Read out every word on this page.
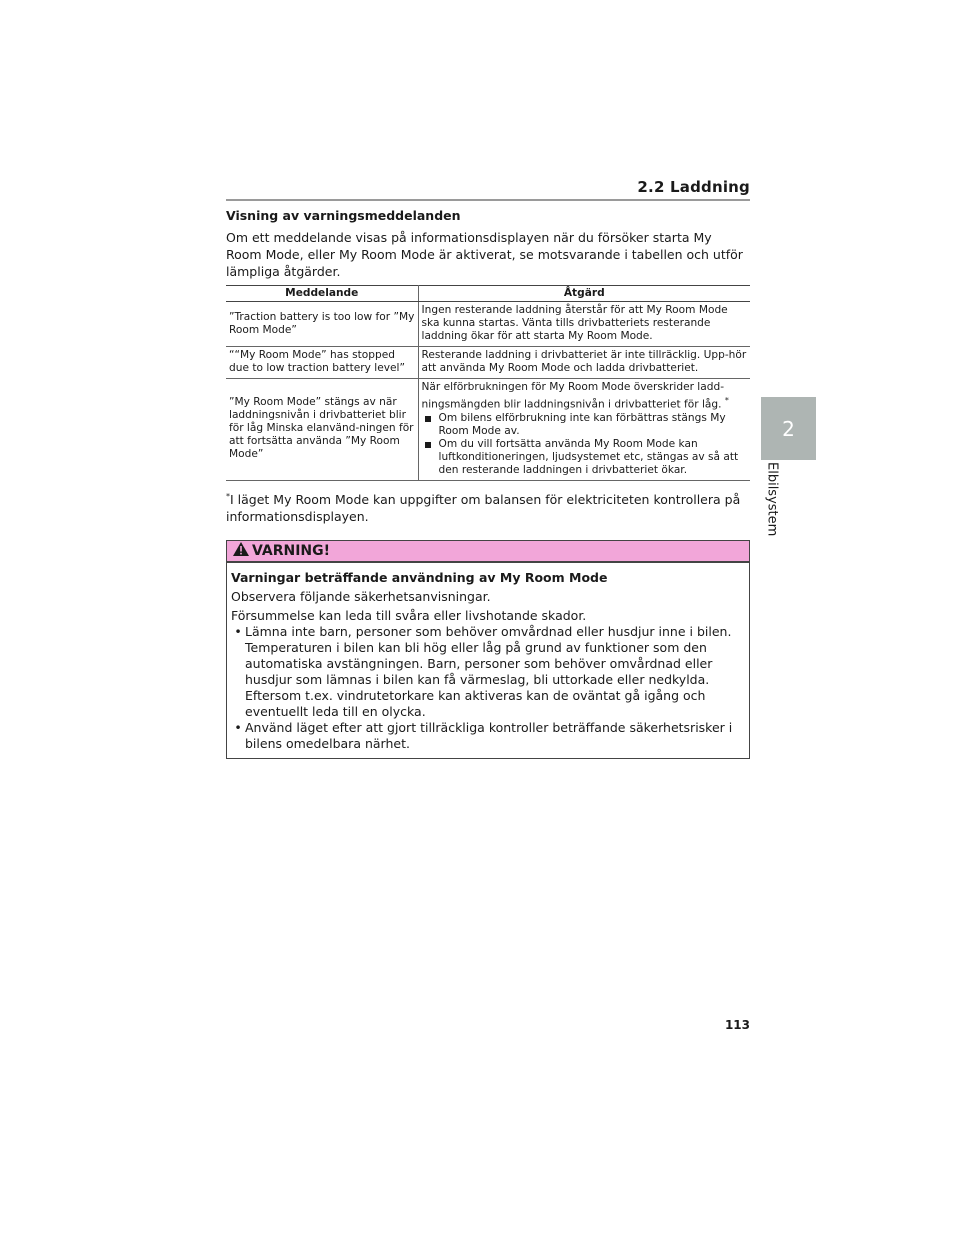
2.2 Laddning
2
Elbilsystem

Visning av varningsmeddelanden

Om ett meddelande visas på informationsdisplayen när du försöker starta My Room Mode, eller My Room Mode är aktiverat, se motsvarande i tabellen och utför lämpliga åtgärder.

Meddelande	Åtgärd
”Traction battery is too low for ”My Room Mode”	Ingen resterande laddning återstår för att My Room Mode ska kunna startas. Vänta tills drivbatteriets resterande laddning ökar för att starta My Room Mode.
““My Room Mode” has stopped due to low traction battery level”	Resterande laddning i drivbatteriet är inte tillräcklig. Upp-hör att använda My Room Mode och ladda drivbatteriet.
”My Room Mode” stängs av när laddningsnivån i drivbatteriet blir för låg Minska elanvänd-ningen för att fortsätta använda ”My Room Mode”	När elförbrukningen för My Room Mode överskrider ladd-ningsmängden blir laddningsnivån i drivbatteriet för låg. *
Om bilens elförbrukning inte kan förbättras stängs My Room Mode av.
Om du vill fortsätta använda My Room Mode kan luftkonditioneringen, ljudsystemet etc, stängas av så att den resterande laddningen i drivbatteriet ökar.

*I läget My Room Mode kan uppgifter om balansen för elektriciteten kontrollera på informationsdisplayen.

VARNING!

Varningar beträffande användning av My Room Mode

Observera följande säkerhetsanvisningar.

Försummelse kan leda till svåra eller livshotande skador.

• Lämna inte barn, personer som behöver omvårdnad eller husdjur inne i bilen. Temperaturen i bilen kan bli hög eller låg på grund av funktioner som den automatiska avstängningen. Barn, personer som behöver omvårdnad eller husdjur som lämnas i bilen kan få värmeslag, bli uttorkade eller nedkylda. Eftersom t.ex. vindrutetorkare kan aktiveras kan de oväntat gå igång och eventuellt leda till en olycka.
• Använd läget efter att gjort tillräckliga kontroller beträffande säkerhetsrisker i bilens omedelbara närhet.
113
